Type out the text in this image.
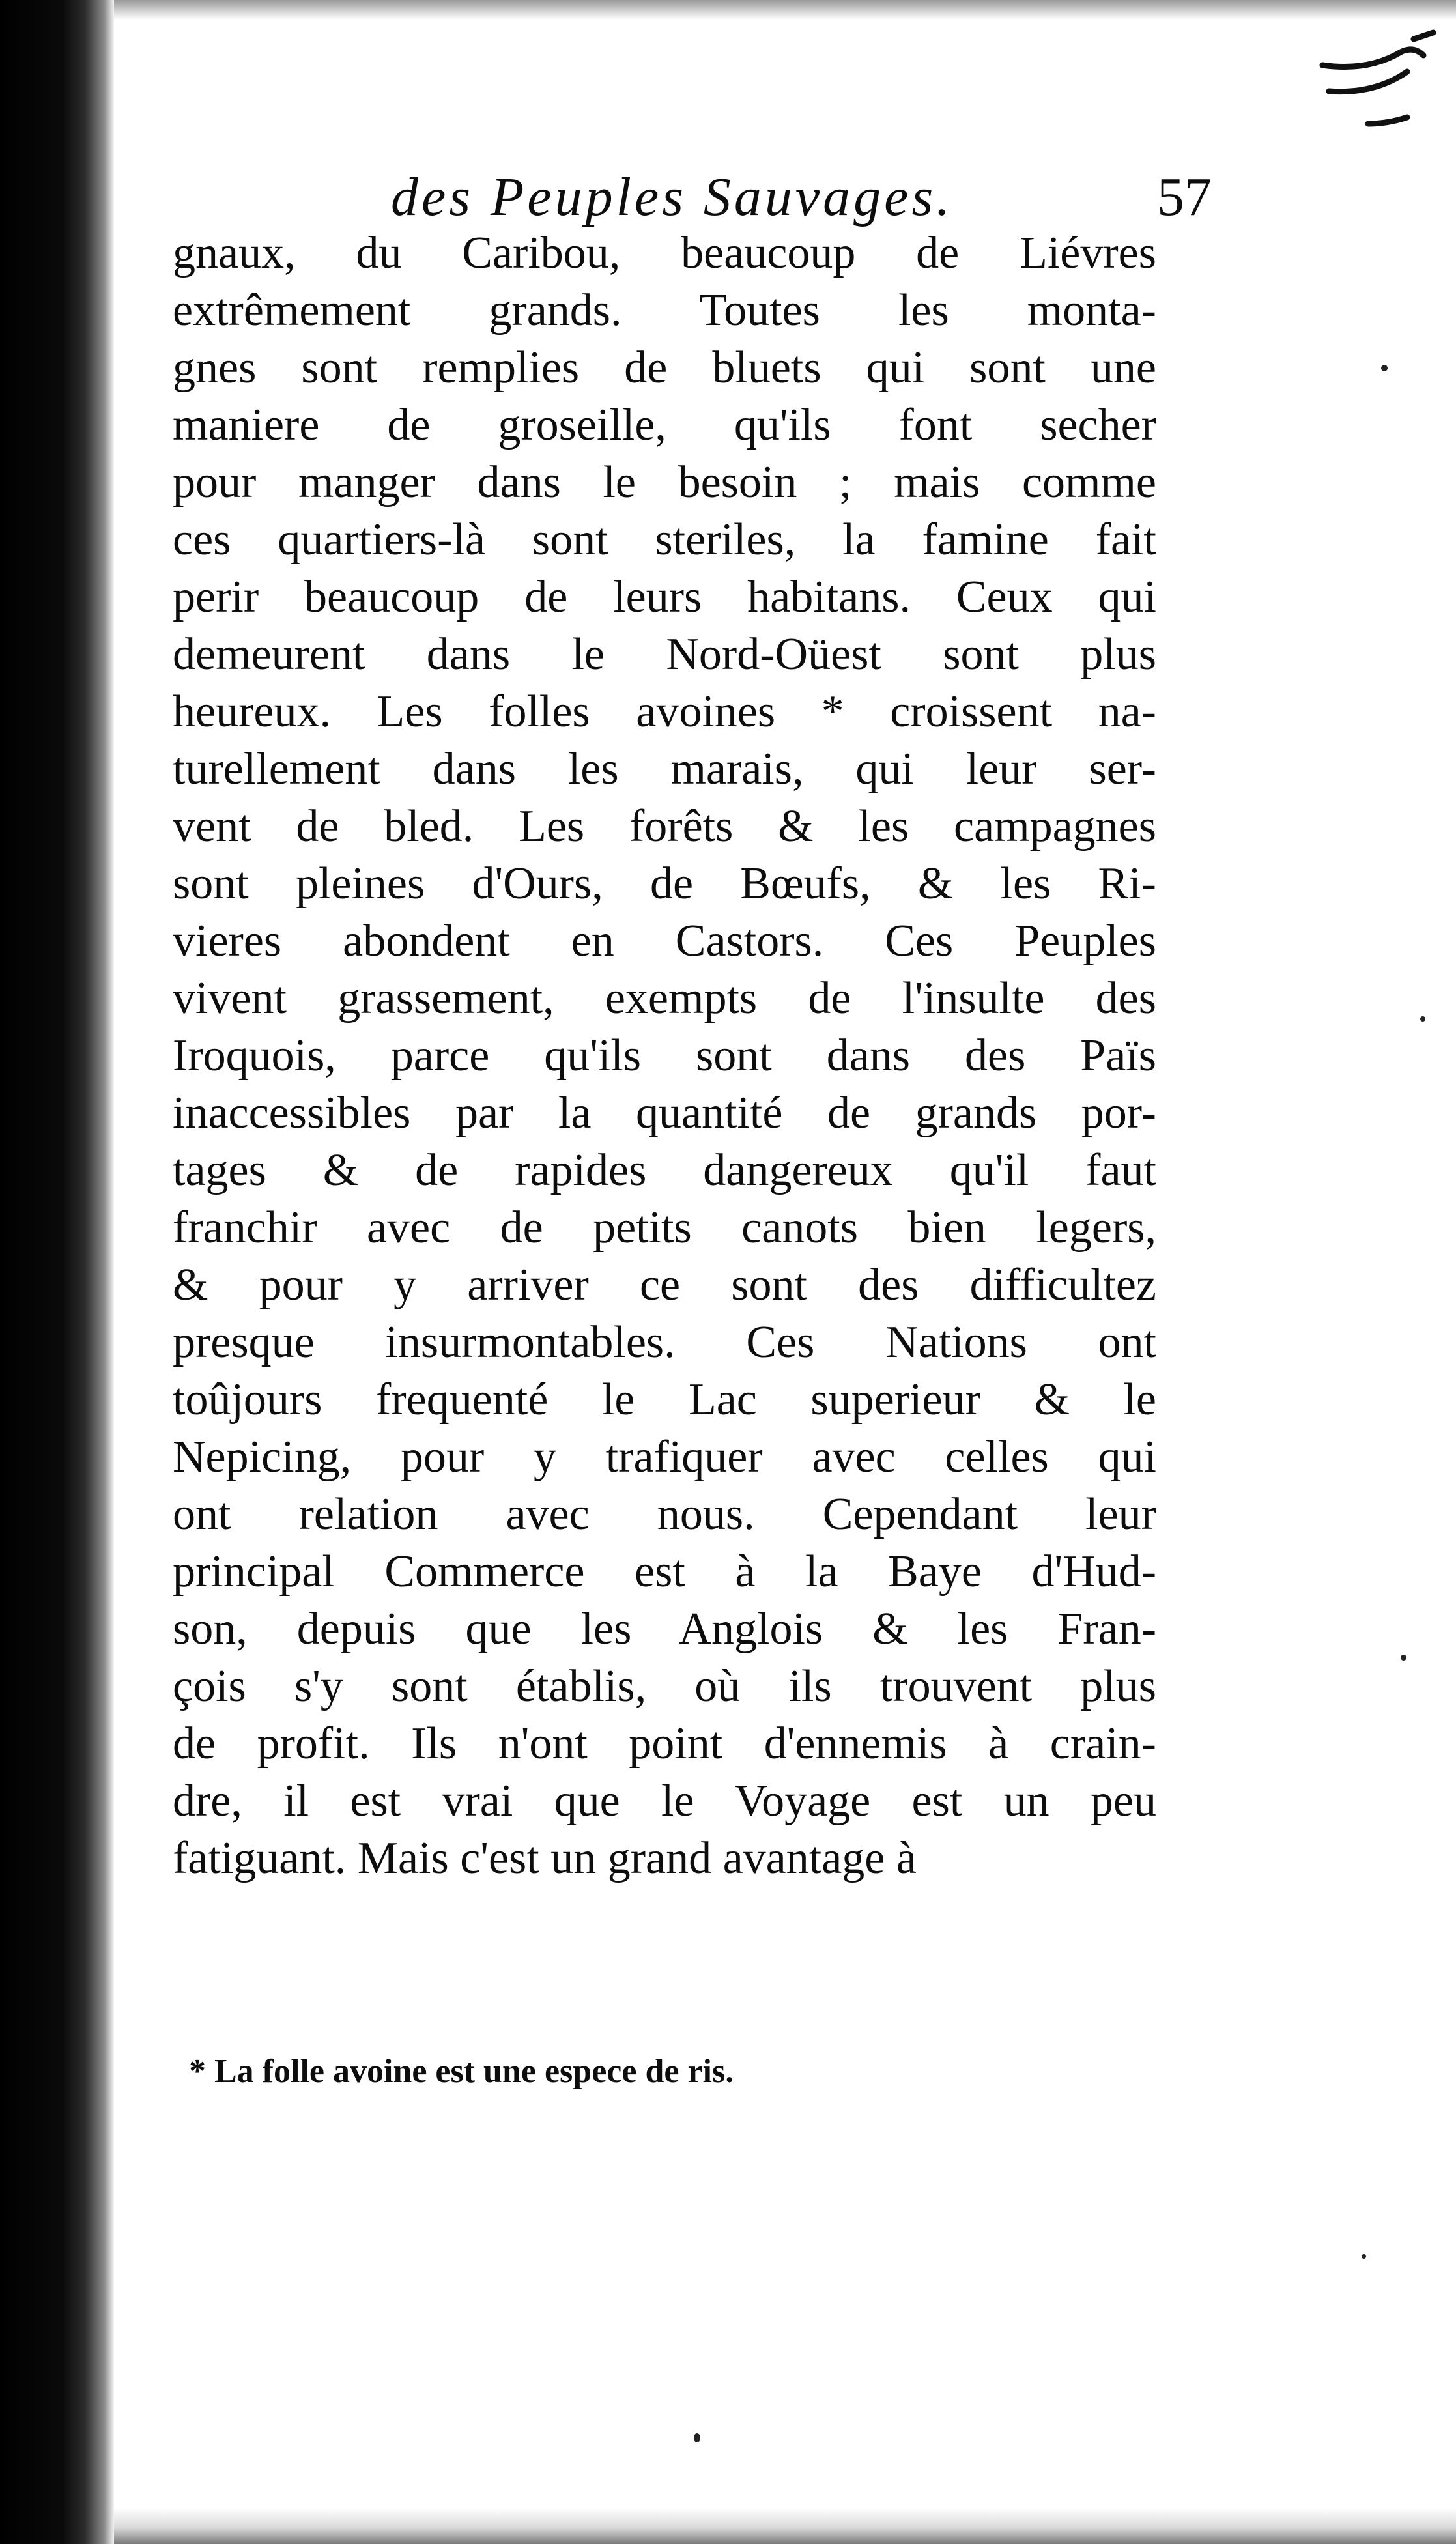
des Peuples Sauvages.	57
gnaux, du Caribou, beaucoup de Liévres
extrêmement grands. Toutes les monta-
gnes sont remplies de bluets qui sont une
maniere de groseille, qu'ils font secher
pour manger dans le besoin ; mais comme
ces quartiers-là sont steriles, la famine fait
perir beaucoup de leurs habitans. Ceux qui
demeurent dans le Nord-Oüest sont plus
heureux. Les folles avoines * croissent na-
turellement dans les marais, qui leur ser-
vent de bled. Les forêts & les campagnes
sont pleines d'Ours, de Bœufs, & les Ri-
vieres abondent en Castors. Ces Peuples
vivent grassement, exempts de l'insulte des
Iroquois, parce qu'ils sont dans des Païs
inaccessibles par la quantité de grands por-
tages & de rapides dangereux qu'il faut
franchir avec de petits canots bien legers,
& pour y arriver ce sont des difficultez
presque insurmontables. Ces Nations ont
toûjours frequenté le Lac superieur & le
Nepicing, pour y trafiquer avec celles qui
ont relation avec nous. Cependant leur
principal Commerce est à la Baye d'Hud-
son, depuis que les Anglois & les Fran-
çois s'y sont établis, où ils trouvent plus
de profit. Ils n'ont point d'ennemis à crain-
dre, il est vrai que le Voyage est un peu
fatiguant. Mais c'est un grand avantage à
* La folle avoine est une espece de ris.
